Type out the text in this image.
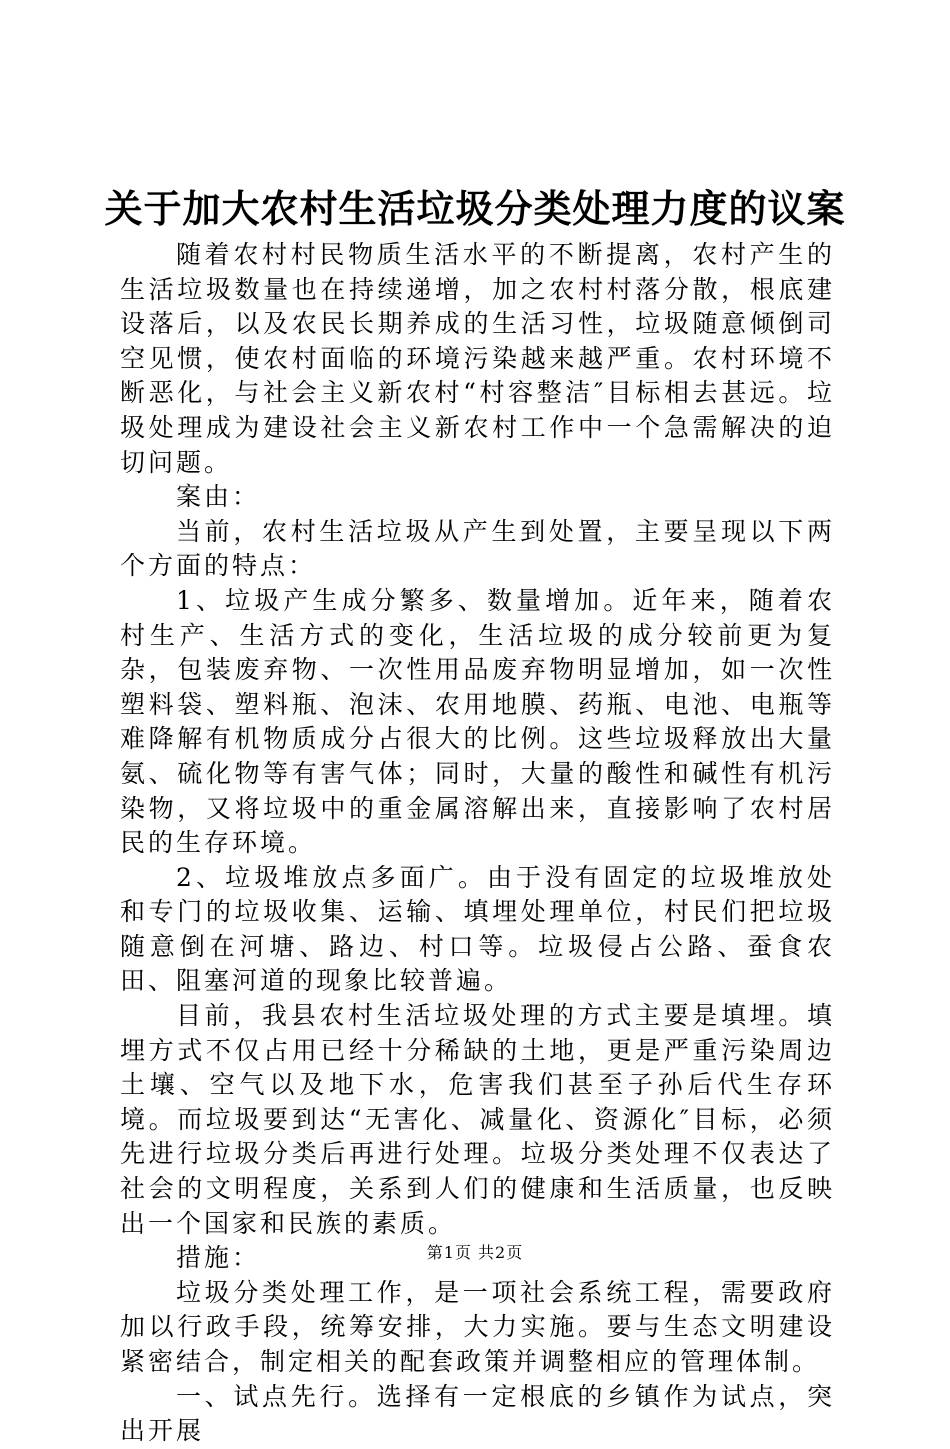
关于加大农村生活垃圾分类处理力度的议案

随着农村村民物质生活水平的不断提离，农村产生的生活垃圾数量也在持续递增，加之农村村落分散，根底建设落后，以及农民长期养成的生活习性，垃圾随意倾倒司空见惯，使农村面临的环境污染越来越严重。农村环境不断恶化，与社会主义新农村“村容整洁″目标相去甚远。垃圾处理成为建设社会主义新农村工作中一个急需解决的迫切问题。

案由：

当前，农村生活垃圾从产生到处置，主要呈现以下两个方面的特点：

1、垃圾产生成分繁多、数量增加。近年来，随着农村生产、生活方式的变化，生活垃圾的成分较前更为复杂，包装废弃物、一次性用品废弃物明显增加，如一次性塑料袋、塑料瓶、泡沫、农用地膜、药瓶、电池、电瓶等难降解有机物质成分占很大的比例。这些垃圾释放出大量氨、硫化物等有害气体；同时，大量的酸性和碱性有机污染物，又将垃圾中的重金属溶解出来，直接影响了农村居民的生存环境。

2、垃圾堆放点多面广。由于没有固定的垃圾堆放处和专门的垃圾收集、运输、填埋处理单位，村民们把垃圾随意倒在河塘、路边、村口等。垃圾侵占公路、蚕食农田、阻塞河道的现象比较普遍。

目前，我县农村生活垃圾处理的方式主要是填埋。填埋方式不仅占用已经十分稀缺的土地，更是严重污染周边土壤、空气以及地下水，危害我们甚至子孙后代生存环境。而垃圾要到达“无害化、减量化、资源化″目标，必须先进行垃圾分类后再进行处理。垃圾分类处理不仅表达了社会的文明程度，关系到人们的健康和生活质量，也反映出一个国家和民族的素质。

措施：

垃圾分类处理工作，是一项社会系统工程，需要政府加以行政手段，统筹安排，大力实施。要与生态文明建设紧密结合，制定相关的配套政策并调整相应的管理体制。

一、试点先行。选择有一定根底的乡镇作为试点，突出开展

第1页 共2页
